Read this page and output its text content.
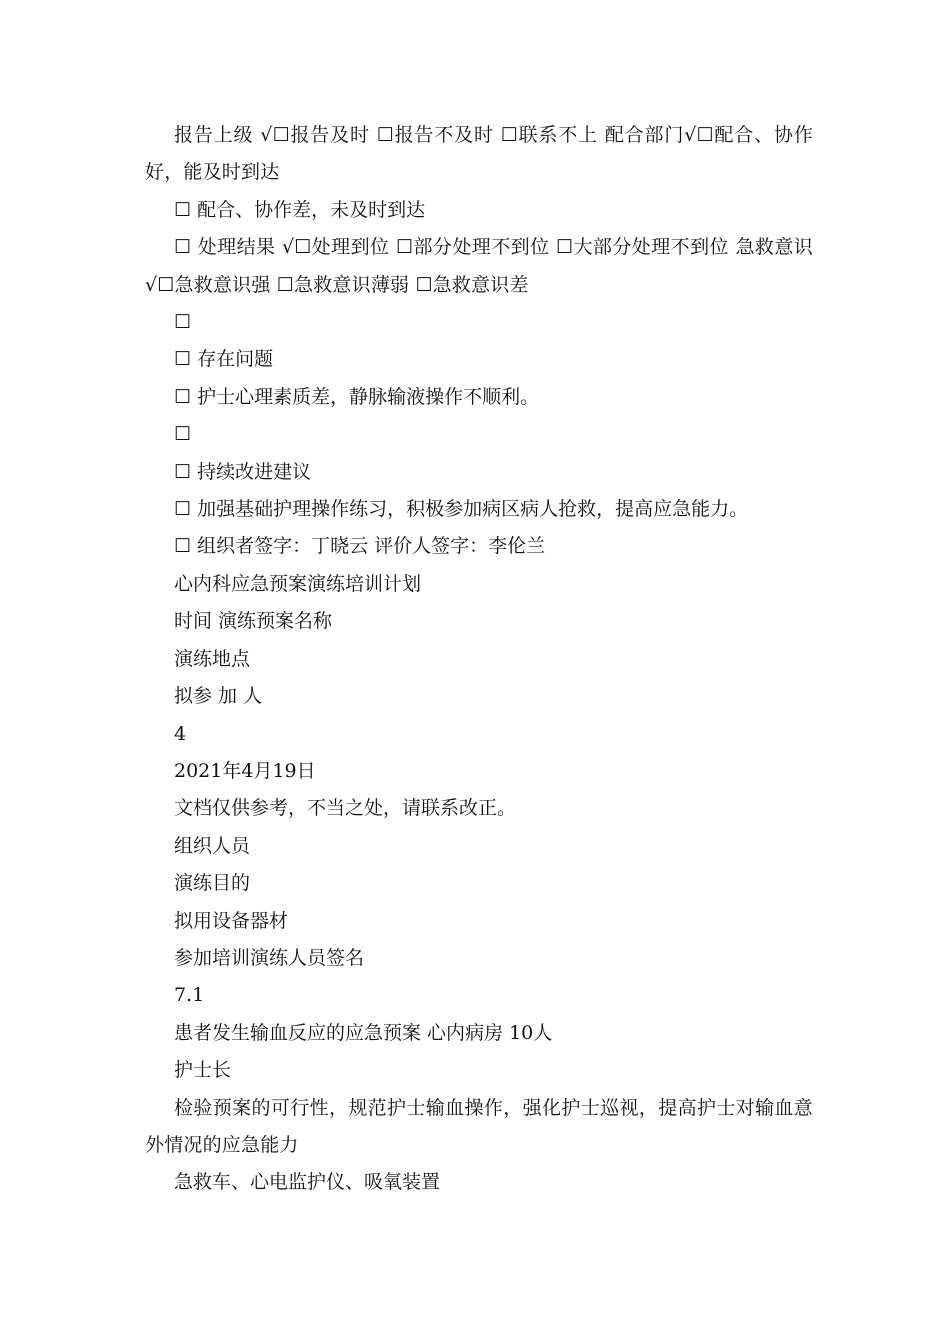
报告上级 √☐报告及时 ☐报告不及时 ☐联系不上 配合部门√☐配合、协作好，能及时到达
☐ 配合、协作差，未及时到达
☐ 处理结果 √☐处理到位 ☐部分处理不到位 ☐大部分处理不到位 急救意识 √☐急救意识强 ☐急救意识薄弱 ☐急救意识差
☐
☐ 存在问题
☐ 护士心理素质差，静脉输液操作不顺利。
☐
☐ 持续改进建议
☐ 加强基础护理操作练习，积极参加病区病人抢救，提高应急能力。
☐ 组织者签字：丁晓云 评价人签字：李伦兰
心内科应急预案演练培训计划
时间 演练预案名称
演练地点
拟参 加 人
4
2021年4月19日
文档仅供参考，不当之处，请联系改正。
组织人员
演练目的
拟用设备器材
参加培训演练人员签名
7.1
患者发生输血反应的应急预案 心内病房 10人
护士长
检验预案的可行性，规范护士输血操作，强化护士巡视，提高护士对输血意外情况的应急能力
急救车、心电监护仪、吸氧装置
